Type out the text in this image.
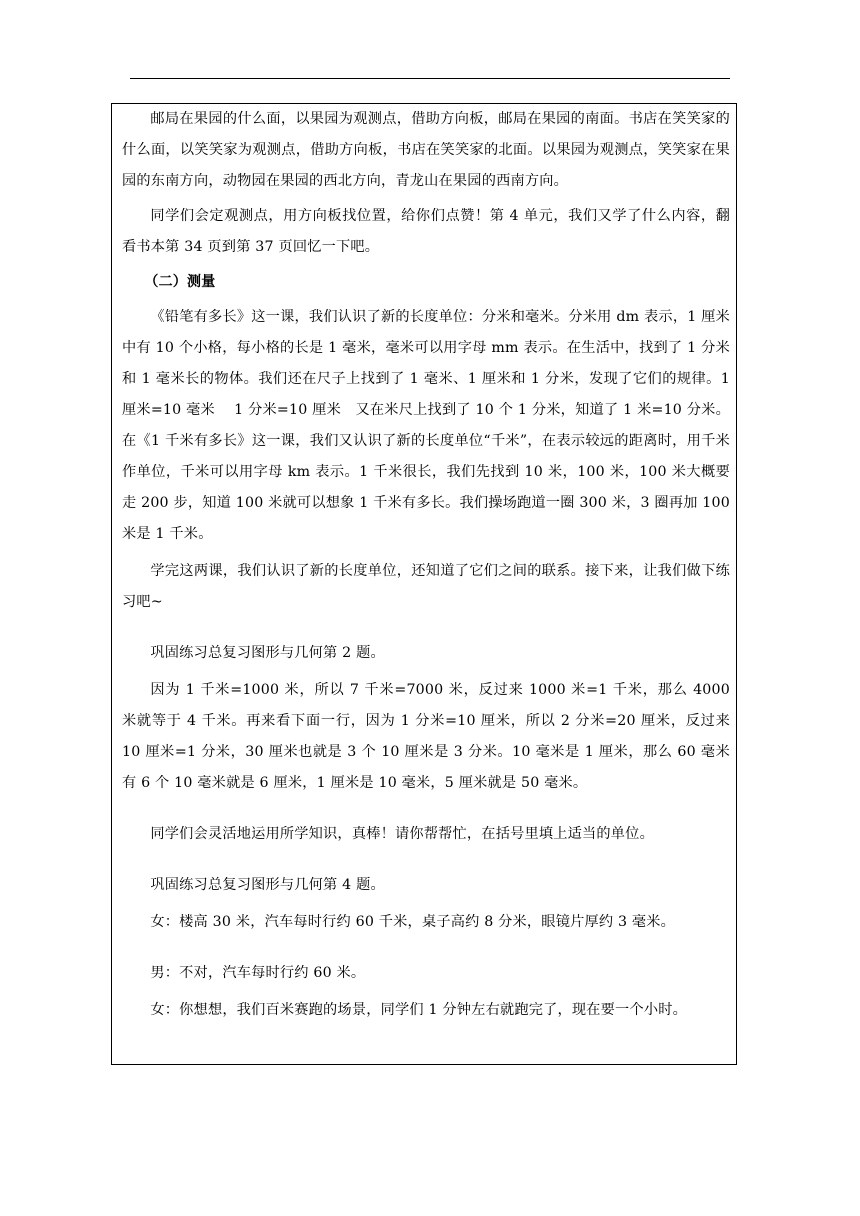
邮局在果园的什么面，以果园为观测点，借助方向板，邮局在果园的南面。书店在笑笑家的什么面，以笑笑家为观测点，借助方向板，书店在笑笑家的北面。以果园为观测点，笑笑家在果园的东南方向，动物园在果园的西北方向，青龙山在果园的西南方向。

同学们会定观测点，用方向板找位置，给你们点赞！第 4 单元，我们又学了什么内容，翻看书本第 34 页到第 37 页回忆一下吧。

（二）测量

《铅笔有多长》这一课，我们认识了新的长度单位：分米和毫米。分米用 dm 表示，1 厘米中有 10 个小格，每小格的长是 1 毫米，毫米可以用字母 mm 表示。在生活中，找到了 1 分米和 1 毫米长的物体。我们还在尺子上找到了 1 毫米、1 厘米和 1 分米，发现了它们的规律。1 厘米=10 毫米　 1 分米=10 厘米　又在米尺上找到了 10 个 1 分米，知道了 1 米=10 分米。在《1 千米有多长》这一课，我们又认识了新的长度单位“千米”，在表示较远的距离时，用千米作单位，千米可以用字母 km 表示。1 千米很长，我们先找到 10 米，100 米，100 米大概要走 200 步，知道 100 米就可以想象 1 千米有多长。我们操场跑道一圈 300 米，3 圈再加 100 米是 1 千米。

学完这两课，我们认识了新的长度单位，还知道了它们之间的联系。接下来，让我们做下练习吧~

巩固练习总复习图形与几何第 2 题。

因为 1 千米=1000 米，所以 7 千米=7000 米，反过来 1000 米=1 千米，那么 4000 米就等于 4 千米。再来看下面一行，因为 1 分米=10 厘米，所以 2 分米=20 厘米，反过来 10 厘米=1 分米，30 厘米也就是 3 个 10 厘米是 3 分米。10 毫米是 1 厘米，那么 60 毫米有 6 个 10 毫米就是 6 厘米，1 厘米是 10 毫米，5 厘米就是 50 毫米。

同学们会灵活地运用所学知识，真棒！请你帮帮忙，在括号里填上适当的单位。

巩固练习总复习图形与几何第 4 题。

女：楼高 30 米，汽车每时行约 60 千米，桌子高约 8 分米，眼镜片厚约 3 毫米。

男：不对，汽车每时行约 60 米。

女：你想想，我们百米赛跑的场景，同学们 1 分钟左右就跑完了，现在要一个小时。
